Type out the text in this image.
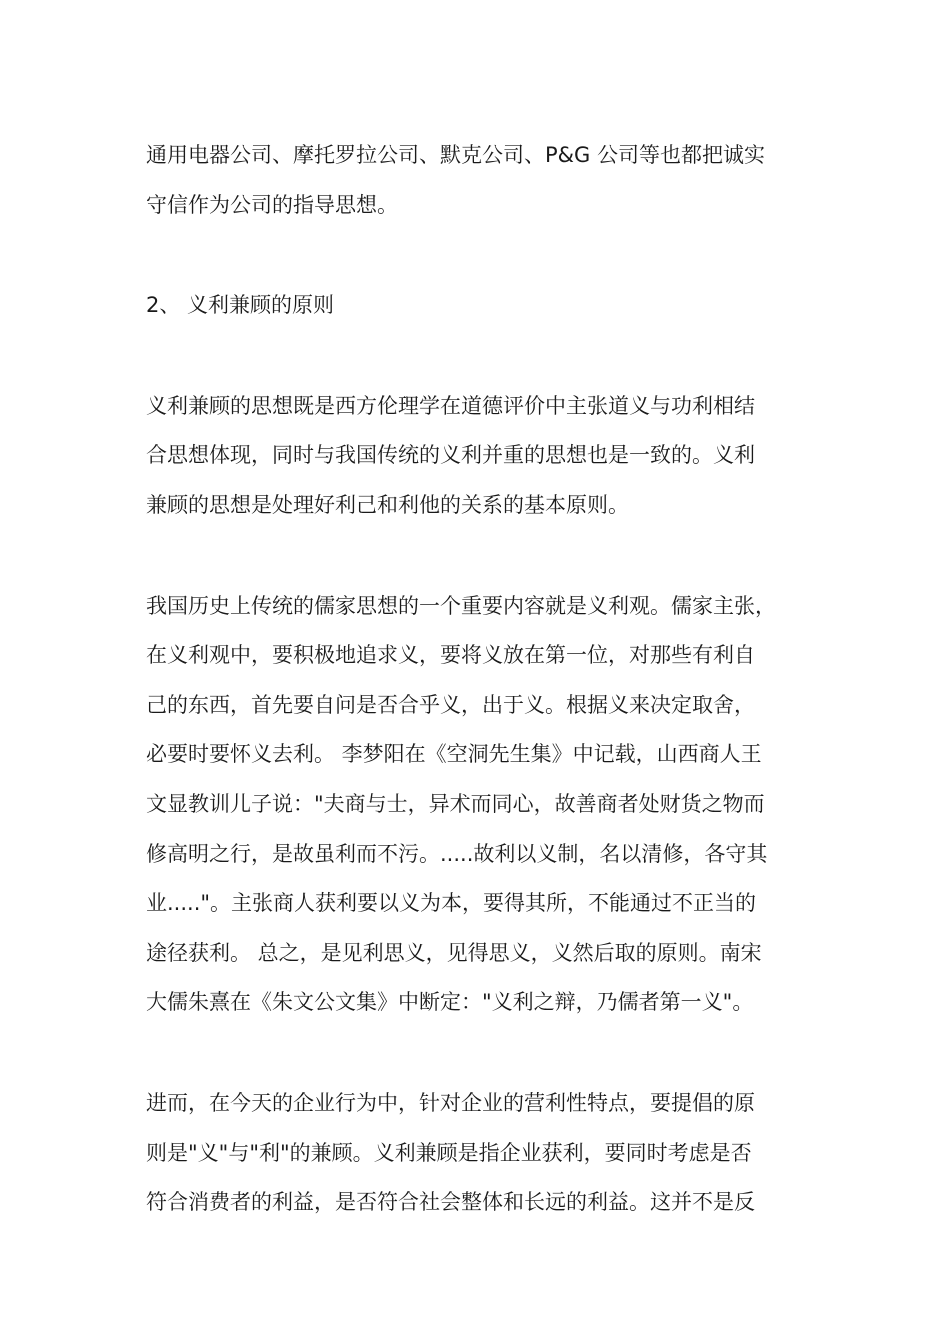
通用电器公司、摩托罗拉公司、默克公司、P&G 公司等也都把诚实
守信作为公司的指导思想。
2、 义利兼顾的原则
义利兼顾的思想既是西方伦理学在道德评价中主张道义与功利相结
合思想体现，同时与我国传统的义利并重的思想也是一致的。义利
兼顾的思想是处理好利己和利他的关系的基本原则。
我国历史上传统的儒家思想的一个重要内容就是义利观。儒家主张，
在义利观中，要积极地追求义，要将义放在第一位，对那些有利自
己的东西，首先要自问是否合乎义，出于义。根据义来决定取舍，
必要时要怀义去利。 李梦阳在《空洞先生集》中记载，山西商人王
文显教训儿子说："夫商与士，异术而同心，故善商者处财货之物而
修高明之行，是故虽利而不污。.....故利以义制，名以清修，各守其
业....."。主张商人获利要以义为本，要得其所，不能通过不正当的
途径获利。 总之，是见利思义，见得思义，义然后取的原则。南宋
大儒朱熹在《朱文公文集》中断定："义利之辩，乃儒者第一义"。
进而，在今天的企业行为中，针对企业的营利性特点，要提倡的原
则是"义"与"利"的兼顾。义利兼顾是指企业获利，要同时考虑是否
符合消费者的利益，是否符合社会整体和长远的利益。这并不是反
